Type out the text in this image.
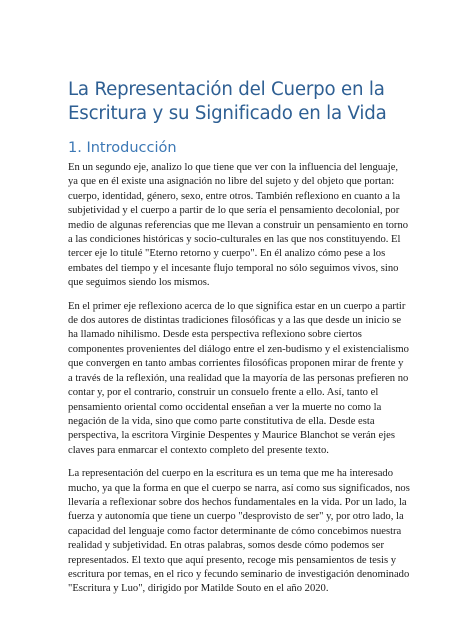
La Representación del Cuerpo en la Escritura y su Significado en la Vida
1. Introducción

En un segundo eje, analizo lo que tiene que ver con la influencia del lenguaje, ya que en él existe una asignación no libre del sujeto y del objeto que portan: cuerpo, identidad, género, sexo, entre otros. También reflexiono en cuanto a la subjetividad y el cuerpo a partir de lo que sería el pensamiento decolonial, por medio de algunas referencias que me llevan a construir un pensamiento en torno a las condiciones históricas y socio-culturales en las que nos constituyendo. El tercer eje lo titulé "Eterno retorno y cuerpo". En él analizo cómo pese a los embates del tiempo y el incesante flujo temporal no sólo seguimos vivos, sino que seguimos siendo los mismos.

En el primer eje reflexiono acerca de lo que significa estar en un cuerpo a partir de dos autores de distintas tradiciones filosóficas y a las que desde un inicio se ha llamado nihilismo. Desde esta perspectiva reflexiono sobre ciertos componentes provenientes del diálogo entre el zen-budismo y el existencialismo que convergen en tanto ambas corrientes filosóficas proponen mirar de frente y a través de la reflexión, una realidad que la mayoría de las personas prefieren no contar y, por el contrario, construir un consuelo frente a ello. Así, tanto el pensamiento oriental como occidental enseñan a ver la muerte no como la negación de la vida, sino que como parte constitutiva de ella. Desde esta perspectiva, la escritora Virginie Despentes y Maurice Blanchot se verán ejes claves para enmarcar el contexto completo del presente texto.

La representación del cuerpo en la escritura es un tema que me ha interesado mucho, ya que la forma en que el cuerpo se narra, así como sus significados, nos llevaría a reflexionar sobre dos hechos fundamentales en la vida. Por un lado, la fuerza y autonomía que tiene un cuerpo "desprovisto de ser" y, por otro lado, la capacidad del lenguaje como factor determinante de cómo concebimos nuestra realidad y subjetividad. En otras palabras, somos desde cómo podemos ser representados. El texto que aquí presento, recoge mis pensamientos de tesis y escritura por temas, en el rico y fecundo seminario de investigación denominado "Escritura y Luo", dirigido por Matilde Souto en el año 2020.
